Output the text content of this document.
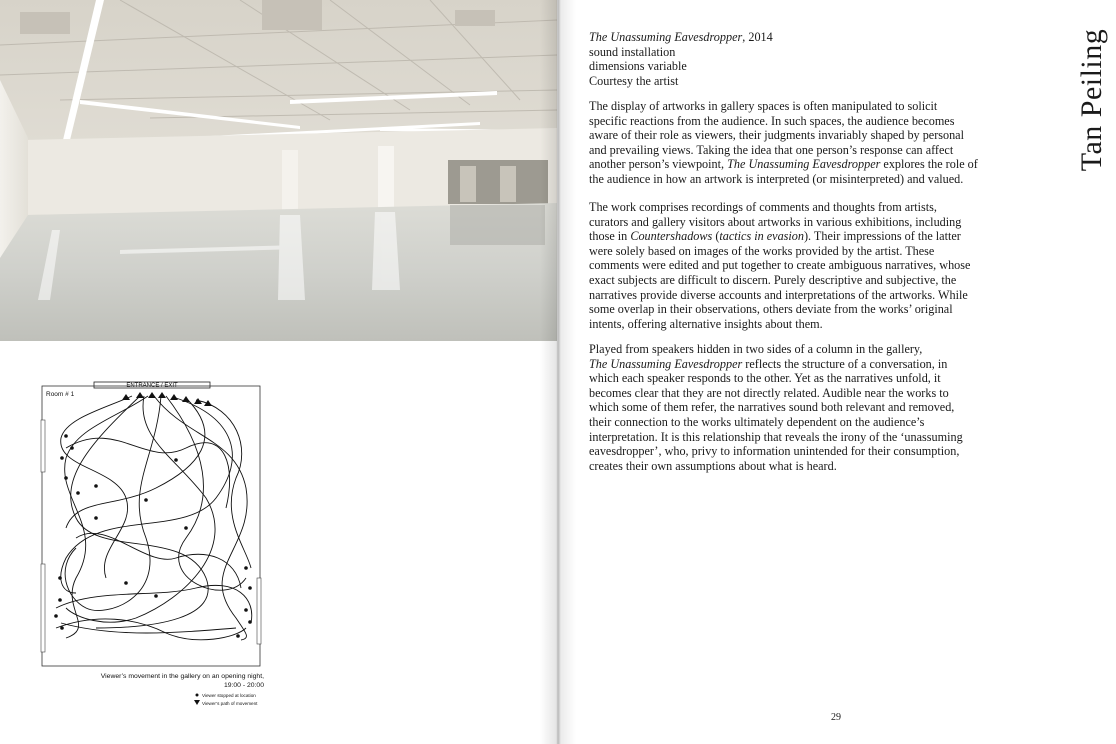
ENTRANCE / EXIT
Room # 1
Viewer’s movement in the gallery on an opening night,
19:00 - 20:00
Viewer stopped at location
Viewer’s path of movement
The Unassuming Eavesdropper, 2014
sound installation
dimensions variable
Courtesy the artist
The display of artworks in gallery spaces is often manipulated to solicit
specific reactions from the audience. In such spaces, the audience becomes
aware of their role as viewers, their judgments invariably shaped by personal
and prevailing views. Taking the idea that one person’s response can affect
another person’s viewpoint, The Unassuming Eavesdropper explores the role of
the audience in how an artwork is interpreted (or misinterpreted) and valued.
The work comprises recordings of comments and thoughts from artists,
curators and gallery visitors about artworks in various exhibitions, including
those in Countershadows (tactics in evasion). Their impressions of the latter
were solely based on images of the works provided by the artist. These
comments were edited and put together to create ambiguous narratives, whose
exact subjects are difficult to discern. Purely descriptive and subjective, the
narratives provide diverse accounts and interpretations of the artworks. While
some overlap in their observations, others deviate from the works’ original
intents, offering alternative insights about them.
Played from speakers hidden in two sides of a column in the gallery,
The Unassuming Eavesdropper reflects the structure of a conversation, in
which each speaker responds to the other. Yet as the narratives unfold, it
becomes clear that they are not directly related. Audible near the works to
which some of them refer, the narratives sound both relevant and removed,
their connection to the works ultimately dependent on the audience’s
interpretation. It is this relationship that reveals the irony of the ‘unassuming
eavesdropper’, who, privy to information unintended for their consumption,
creates their own assumptions about what is heard.
Tan Peiling
29
